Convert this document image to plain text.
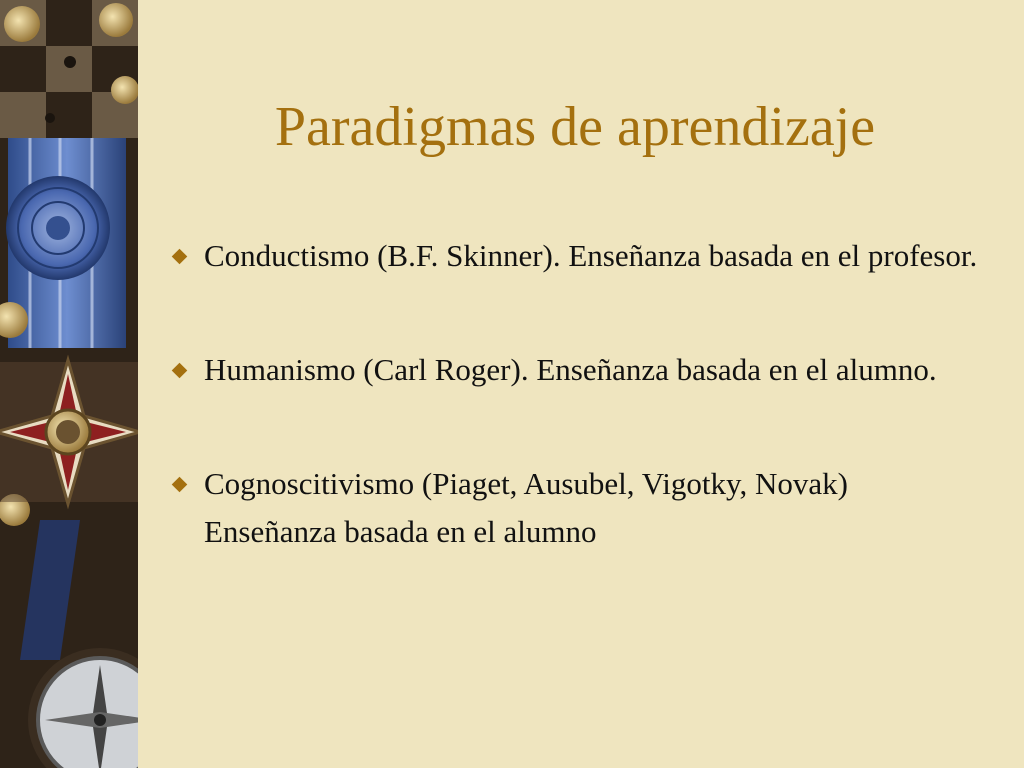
Paradigmas de aprendizaje
Conductismo (B.F. Skinner). Enseñanza basada en el profesor.
Humanismo (Carl Roger). Enseñanza basada en el alumno.
Cognoscitivismo (Piaget, Ausubel, Vigotky, Novak) Enseñanza basada en el alumno
